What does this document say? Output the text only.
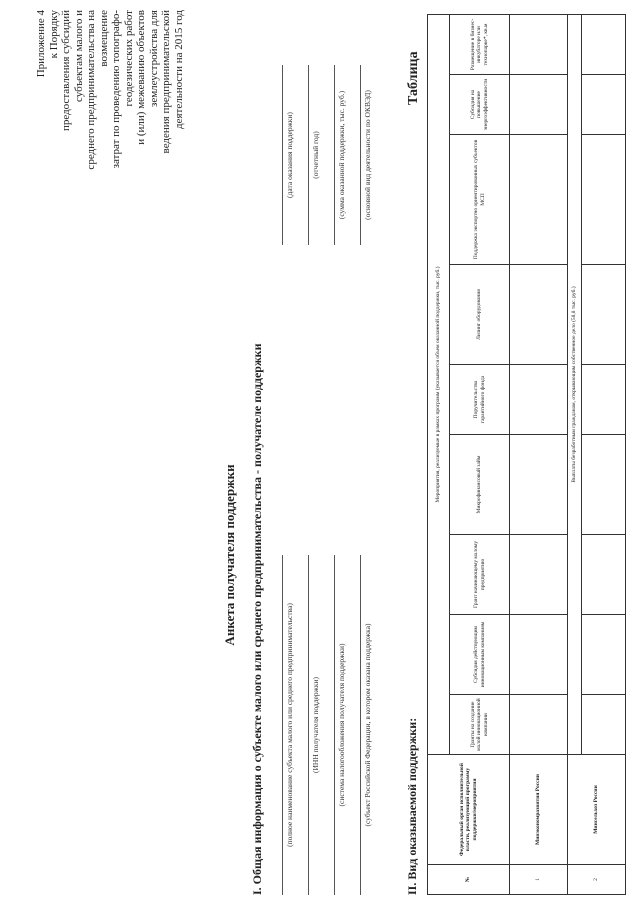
Приложение 4 к Порядку предоставления субсидий субъектам малого и среднего предпринимательства на возмещение затрат по проведению топографо-геодезических работ и (или) межеванию объектов землеустройства для ведения предпринимательской деятельности на 2015 год
Анкета получателя поддержки I. Общая информация о субъекте малого или среднего предпринимательства - получателе поддержки	(полное наименование субъекта малого или среднего предпринимательства) (ИНН получателя поддержки) (система налогообложения получателя поддержки) (субъект Российской Федерации, в котором оказана поддержка)
(дата оказания поддержки) (отчетный год) (сумма оказанной поддержки, тыс. руб.) (основной вид деятельности по ОКВЭД)
II. Вид оказываемой поддержки:
Таблица
№	Федеральный орган исполнительной власти, реализующий программу поддержки/мероприятия	Мероприятия, реализуемые в рамках программ (указывается объем оказанной поддержки, тыс. руб.)								
		Гранты на создание малой инновационной компании	Субсидия действующим инновационным компаниям	Грант начинающему малому предприятию	Микрофинансовый займ	Поручительства гарантийного фонда	Лизинг оборудования	Поддержка экспортно ориентированных субъектов МСП	Субсидия на повышение энергоэффективности	Размещение в бизнес-инкубаторе или технопарке*, кв.м
1	Минэкономразвития России									
2	Минсельхоз России	Выплаты безработным гражданам, открывающим собственное дело (58,8 тыс. руб.)								
